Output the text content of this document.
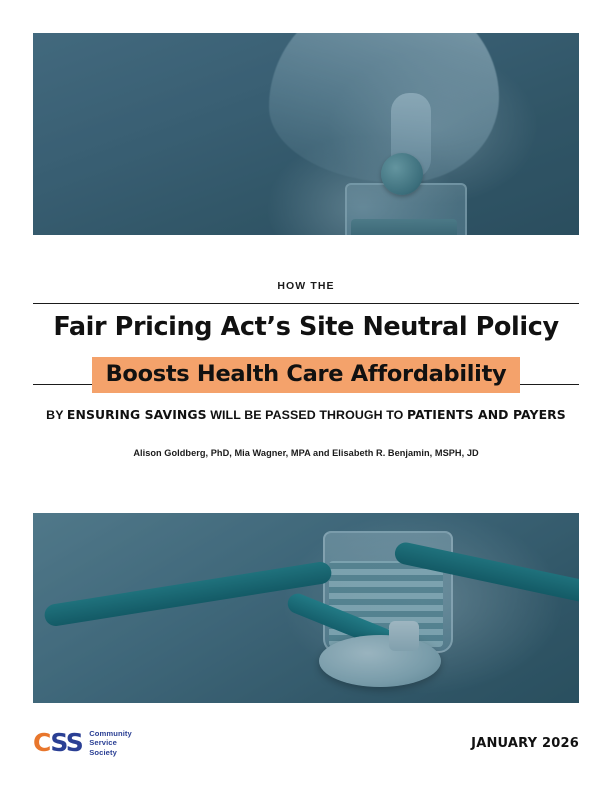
HOW THE
Fair Pricing Act’s Site Neutral Policy
Boosts Health Care Affordability
BY ENSURING SAVINGS WILL BE PASSED THROUGH TO PATIENTS AND PAYERS
Alison Goldberg, PhD, Mia Wagner, MPA and Elisabeth R. Benjamin, MSPH, JD
CSS Community
Service
Society
JANUARY 2026
